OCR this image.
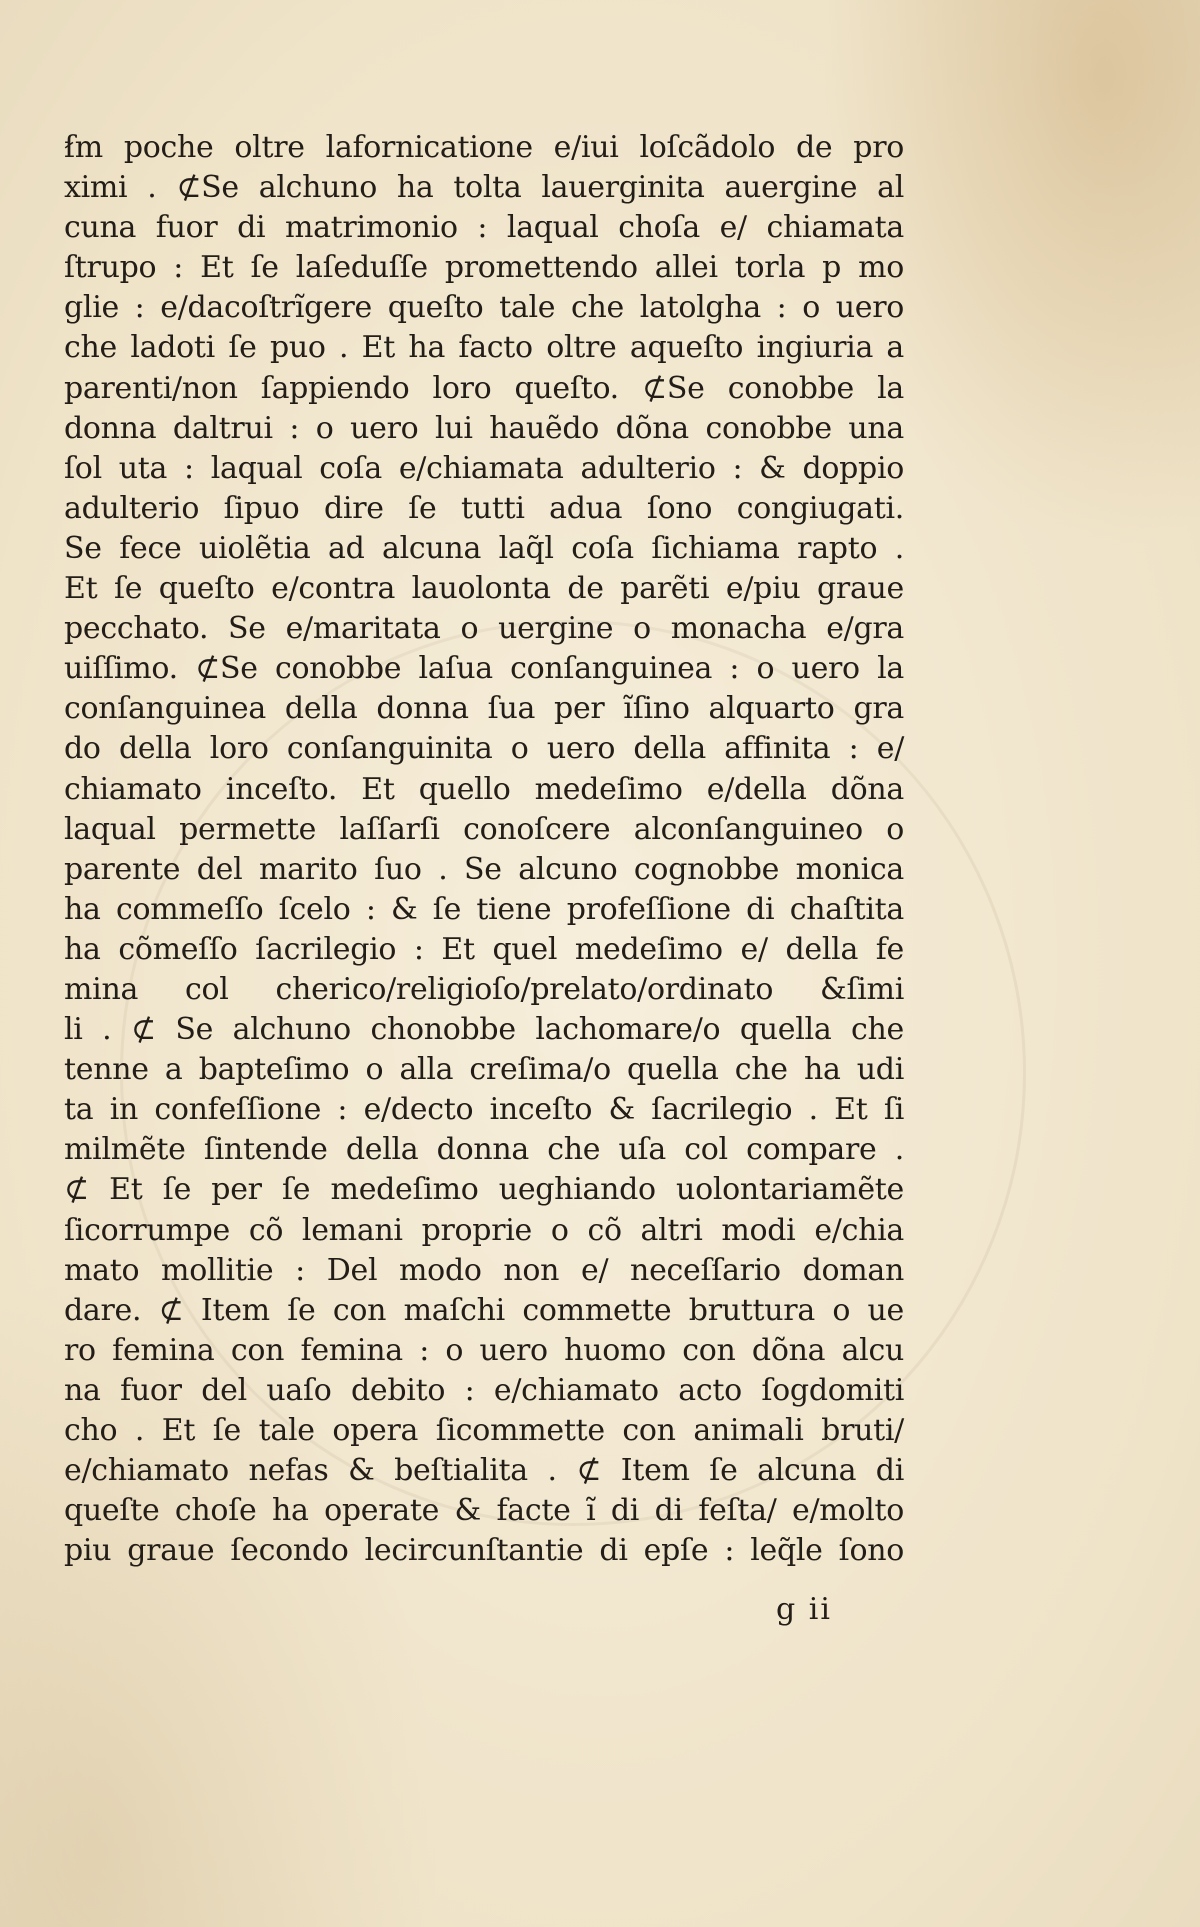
ẜm poche oltre lafornicatione e/iui loſcãdolo de pro
ximi . ⊄Se alchuno ha tolta lauerginita auergine al
cuna fuor di matrimonio : laqual choſa e/ chiamata
ſtrupo : Et ſe laſeduſſe promettendo allei torla p mo
glie : e/dacoſtrĩgere queſto tale che latolgha : o uero
che ladoti ſe puo . Et ha facto oltre aqueſto ingiuria a
parenti/non ſappiendo loro queſto. ⊄Se conobbe la
donna daltrui : o uero lui hauẽdo dõna conobbe una
ſol uta : laqual coſa e/chiamata adulterio : & doppio
adulterio ſipuo dire ſe tutti adua ſono congiugati.
Se fece uiolẽtia ad alcuna laq̃l coſa ſichiama rapto .
Et ſe queſto e/contra lauolonta de parẽti e/piu graue
pecchato. Se e/maritata o uergine o monacha e/gra
uiſſimo. ⊄Se conobbe laſua conſanguinea : o uero la
conſanguinea della donna ſua per ĩſino alquarto gra
do della loro conſanguinita o uero della affinita : e/
chiamato inceſto. Et quello medeſimo e/della dõna
laqual permette laſſarſi conoſcere alconſanguineo o
parente del marito ſuo . Se alcuno cognobbe monica
ha commeſſo ſcelo : & ſe tiene profeſſione di chaſtita
ha cõmeſſo ſacrilegio : Et quel medeſimo e/ della fe
mina col cherico/religioſo/prelato/ordinato &ſimi
li . ⊄ Se alchuno chonobbe lachomare/o quella che
tenne a bapteſimo o alla creſima/o quella che ha udi
ta in confeſſione : e/decto inceſto & ſacrilegio . Et ſi
milmẽte ſintende della donna che uſa col compare .
⊄ Et ſe per ſe medeſimo ueghiando uolontariamẽte
ſicorrumpe cõ lemani proprie o cõ altri modi e/chia
mato mollitie : Del modo non e/ neceſſario doman
dare. ⊄ Item ſe con maſchi commette bruttura o ue
ro femina con femina : o uero huomo con dõna alcu
na fuor del uaſo debito : e/chiamato acto ſogdomiti
cho . Et ſe tale opera ſicommette con animali bruti/
e/chiamato nefas & beſtialita . ⊄ Item ſe alcuna di
queſte choſe ha operate & facte ĩ di di feſta/ e/molto
piu graue ſecondo lecircunſtantie di epſe : leq̃le ſono
g ii
